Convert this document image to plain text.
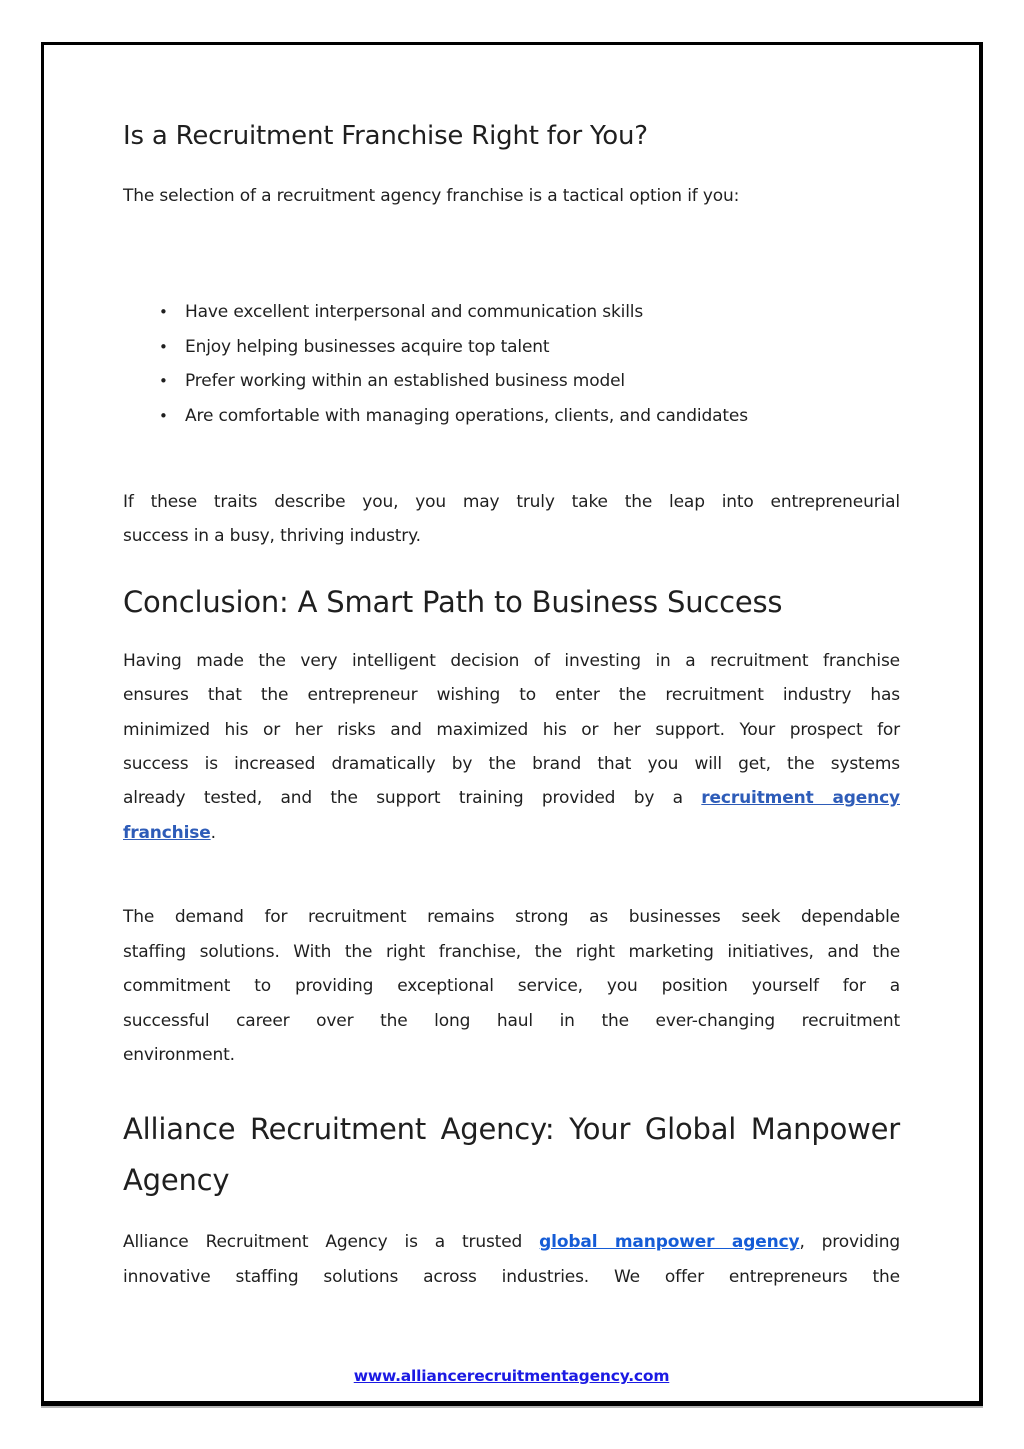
Is a Recruitment Franchise Right for You?

The selection of a recruitment agency franchise is a tactical option if you:

• Have excellent interpersonal and communication skills
• Enjoy helping businesses acquire top talent
• Prefer working within an established business model
• Are comfortable with managing operations, clients, and candidates
If these traits describe you, you may truly take the leap into entrepreneurial
success in a busy, thriving industry.
Conclusion: A Smart Path to Business Success
Having made the very intelligent decision of investing in a recruitment franchise
ensures that the entrepreneur wishing to enter the recruitment industry has
minimized his or her risks and maximized his or her support. Your prospect for
success is increased dramatically by the brand that you will get, the systems
already tested, and the support training provided by a recruitment agency
franchise.
The demand for recruitment remains strong as businesses seek dependable
staffing solutions. With the right franchise, the right marketing initiatives, and the
commitment to providing exceptional service, you position yourself for a
successful career over the long haul in the ever-changing recruitment
environment.
Alliance Recruitment Agency: Your Global Manpower
Agency
Alliance Recruitment Agency is a trusted global manpower agency, providing
innovative staffing solutions across industries. We offer entrepreneurs the
www.alliancerecruitmentagency.com
